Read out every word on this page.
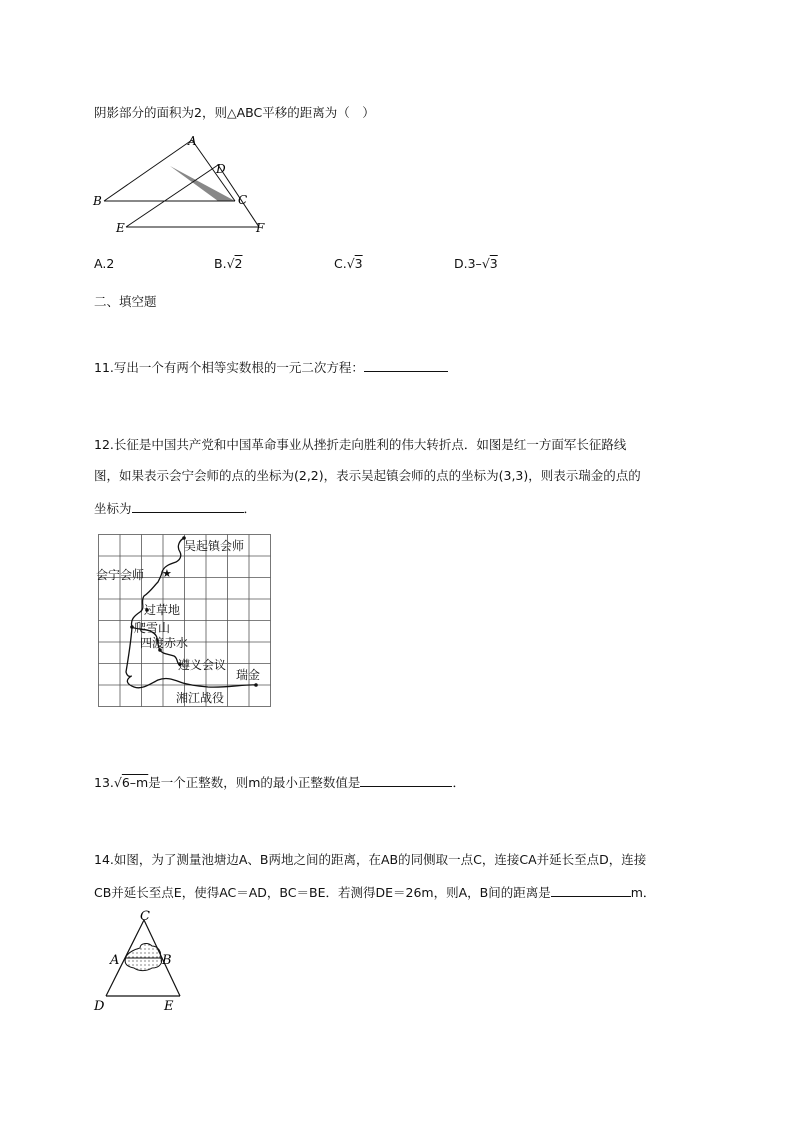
阴影部分的面积为2，则△ABC平移的距离为（　）
A
D
B	C
E	F
A.2	B.√2	C.√3	D.3–√3
二、填空题
11.写出一个有两个相等实数根的一元二次方程：
12.长征是中国共产党和中国革命事业从挫折走向胜利的伟大转折点．如图是红一方面军长征路线
图，如果表示会宁会师的点的坐标为(2,2)，表示吴起镇会师的点的坐标为(3,3)，则表示瑞金的点的
坐标为	．
★
吴起镇会师
会宁会师
过草地
爬雪山
四渡赤水
遵义会议
瑞金
湘江战役
13.√6–m是一个正整数，则m的最小正整数值是	．
14.如图，为了测量池塘边A、B两地之间的距离，在AB的同侧取一点C，连接CA并延长至点D，连接
CB并延长至点E，使得AC＝AD，BC＝BE．若测得DE＝26m，则A，B间的距离是	m．
C
A	B
D	E
